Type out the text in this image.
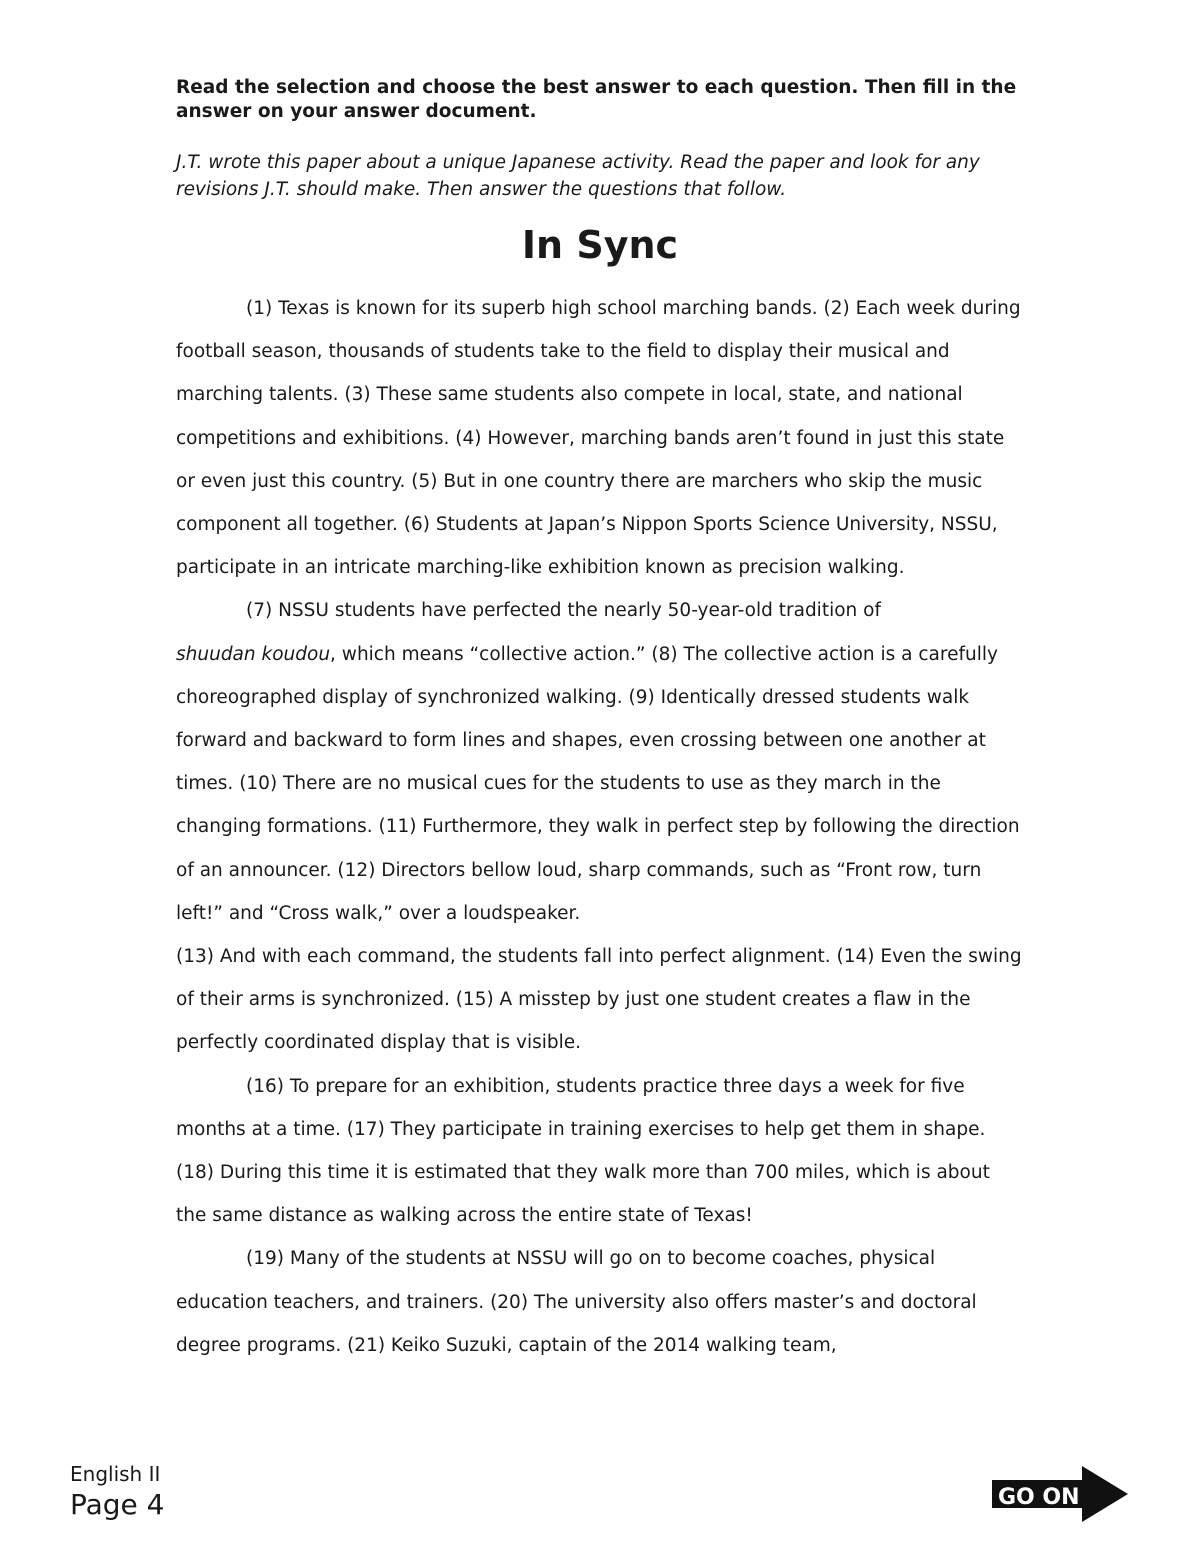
Read the selection and choose the best answer to each question. Then fill in the answer on your answer document.
J.T. wrote this paper about a unique Japanese activity. Read the paper and look for any revisions J.T. should make. Then answer the questions that follow.
In Sync

(1) Texas is known for its superb high school marching bands. (2) Each week during football season, thousands of students take to the field to display their musical and marching talents. (3) These same students also compete in local, state, and national competitions and exhibitions. (4) However, marching bands aren’t found in just this state or even just this country. (5) But in one country there are marchers who skip the music component all together. (6) Students at Japan’s Nippon Sports Science University, NSSU, participate in an intricate marching-like exhibition known as precision walking.

(7) NSSU students have perfected the nearly 50-year-old tradition of
shuudan koudou, which means “collective action.” (8) The collective action is a carefully choreographed display of synchronized walking. (9) Identically dressed students walk forward and backward to form lines and shapes, even crossing between one another at times. (10) There are no musical cues for the students to use as they march in the changing formations. (11) Furthermore, they walk in perfect step by following the direction of an announcer. (12) Directors bellow loud, sharp commands, such as “Front row, turn left!” and “Cross walk,” over a loudspeaker.

(13) And with each command, the students fall into perfect alignment. (14) Even the swing of their arms is synchronized. (15) A misstep by just one student creates a flaw in the perfectly coordinated display that is visible.

(16) To prepare for an exhibition, students practice three days a week for five months at a time. (17) They participate in training exercises to help get them in shape. (18) During this time it is estimated that they walk more than 700 miles, which is about the same distance as walking across the entire state of Texas!

(19) Many of the students at NSSU will go on to become coaches, physical education teachers, and trainers. (20) The university also offers master’s and doctoral degree programs. (21) Keiko Suzuki, captain of the 2014 walking team,

English II
Page 4	GO ON
